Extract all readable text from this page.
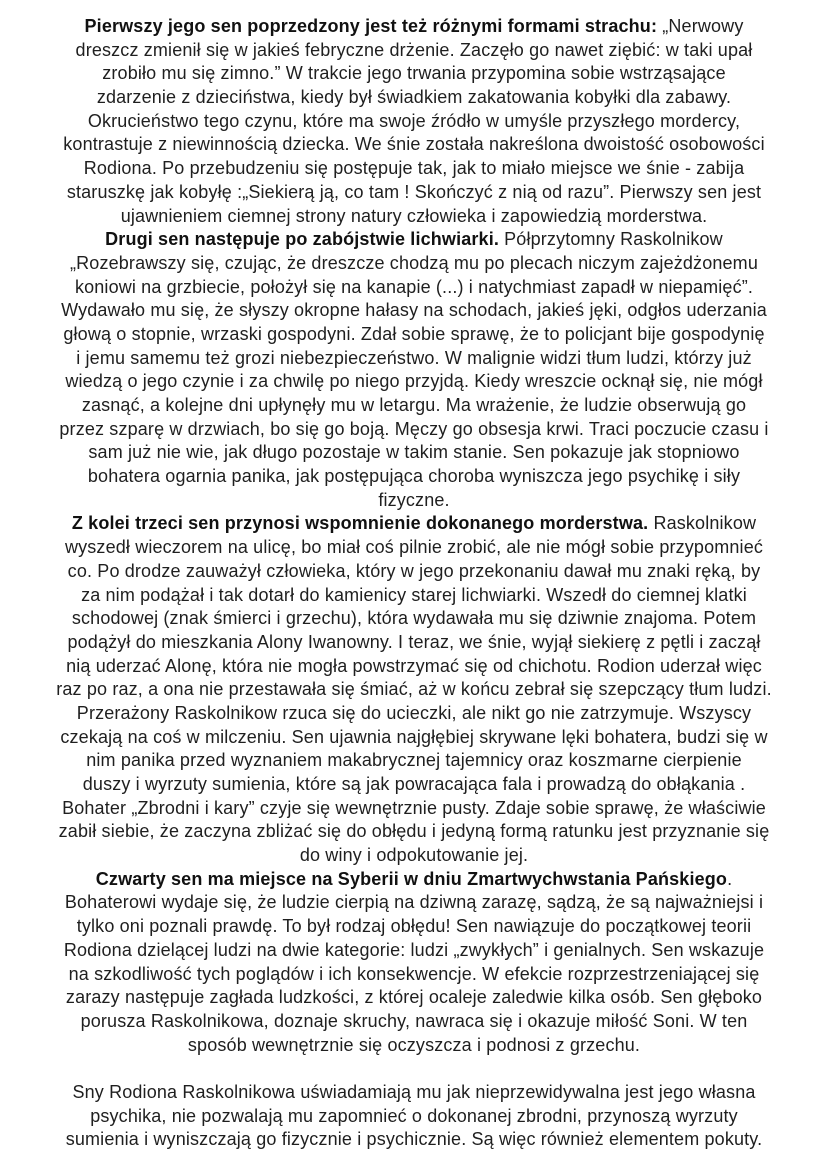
Pierwszy jego sen poprzedzony jest też różnymi formami strachu: „Nerwowy
dreszcz zmienił się w jakieś febryczne drżenie. Zaczęło go nawet ziębić: w taki upał
zrobiło mu się zimno.” W trakcie jego trwania przypomina sobie wstrząsające
zdarzenie z dzieciństwa, kiedy był świadkiem zakatowania kobyłki dla zabawy.
Okrucieństwo tego czynu, które ma swoje źródło w umyśle przyszłego mordercy,
kontrastuje z niewinnością dziecka. We śnie została nakreślona dwoistość osobowości
Rodiona. Po przebudzeniu się postępuje tak, jak to miało miejsce we śnie - zabija
staruszkę jak kobyłę :„Siekierą ją, co tam ! Skończyć z nią od razu”. Pierwszy sen jest
ujawnieniem ciemnej strony natury człowieka i zapowiedzią morderstwa.
Drugi sen następuje po zabójstwie lichwiarki. Półprzytomny Raskolnikow
„Rozebrawszy się, czując, że dreszcze chodzą mu po plecach niczym zajeżdżonemu
koniowi na grzbiecie, położył się na kanapie (...) i natychmiast zapadł w niepamięć”.
Wydawało mu się, że słyszy okropne hałasy na schodach, jakieś jęki, odgłos uderzania
głową o stopnie, wrzaski gospodyni. Zdał sobie sprawę, że to policjant bije gospodynię
i jemu samemu też grozi niebezpieczeństwo. W malignie widzi tłum ludzi, którzy już
wiedzą o jego czynie i za chwilę po niego przyjdą. Kiedy wreszcie ocknął się, nie mógł
zasnąć, a kolejne dni upłynęły mu w letargu. Ma wrażenie, że ludzie obserwują go
przez szparę w drzwiach, bo się go boją. Męczy go obsesja krwi. Traci poczucie czasu i
sam już nie wie, jak długo pozostaje w takim stanie. Sen pokazuje jak stopniowo
bohatera ogarnia panika, jak postępująca choroba wyniszcza jego psychikę i siły
fizyczne.
Z kolei trzeci sen przynosi wspomnienie dokonanego morderstwa. Raskolnikow
wyszedł wieczorem na ulicę, bo miał coś pilnie zrobić, ale nie mógł sobie przypomnieć
co. Po drodze zauważył człowieka, który w jego przekonaniu dawał mu znaki ręką, by
za nim podążał i tak dotarł do kamienicy starej lichwiarki. Wszedł do ciemnej klatki
schodowej (znak śmierci i grzechu), która wydawała mu się dziwnie znajoma. Potem
podążył do mieszkania Alony Iwanowny. I teraz, we śnie, wyjął siekierę z pętli i zaczął
nią uderzać Alonę, która nie mogła powstrzymać się od chichotu. Rodion uderzał więc
raz po raz, a ona nie przestawała się śmiać, aż w końcu zebrał się szepczący tłum ludzi.
Przerażony Raskolnikow rzuca się do ucieczki, ale nikt go nie zatrzymuje. Wszyscy
czekają na coś w milczeniu. Sen ujawnia najgłębiej skrywane lęki bohatera, budzi się w
nim panika przed wyznaniem makabrycznej tajemnicy oraz koszmarne cierpienie
duszy i wyrzuty sumienia, które są jak powracająca fala i prowadzą do obłąkania .
Bohater „Zbrodni i kary” czyje się wewnętrznie pusty. Zdaje sobie sprawę, że właściwie
zabił siebie, że zaczyna zbliżać się do obłędu i jedyną formą ratunku jest przyznanie się
do winy i odpokutowanie jej.
Czwarty sen ma miejsce na Syberii w dniu Zmartwychwstania Pańskiego.
Bohaterowi wydaje się, że ludzie cierpią na dziwną zarazę, sądzą, że są najważniejsi i
tylko oni poznali prawdę. To był rodzaj obłędu! Sen nawiązuje do początkowej teorii
Rodiona dzielącej ludzi na dwie kategorie: ludzi „zwykłych” i genialnych. Sen wskazuje
na szkodliwość tych poglądów i ich konsekwencje. W efekcie rozprzestrzeniającej się
zarazy następuje zagłada ludzkości, z której ocaleje zaledwie kilka osób. Sen głęboko
porusza Raskolnikowa, doznaje skruchy, nawraca się i okazuje miłość Soni. W ten
sposób wewnętrznie się oczyszcza i podnosi z grzechu.
Sny Rodiona Raskolnikowa uświadamiają mu jak nieprzewidywalna jest jego własna
psychika, nie pozwalają mu zapomnieć o dokonanej zbrodni, przynoszą wyrzuty
sumienia i wyniszczają go fizycznie i psychicznie. Są więc również elementem pokuty.
